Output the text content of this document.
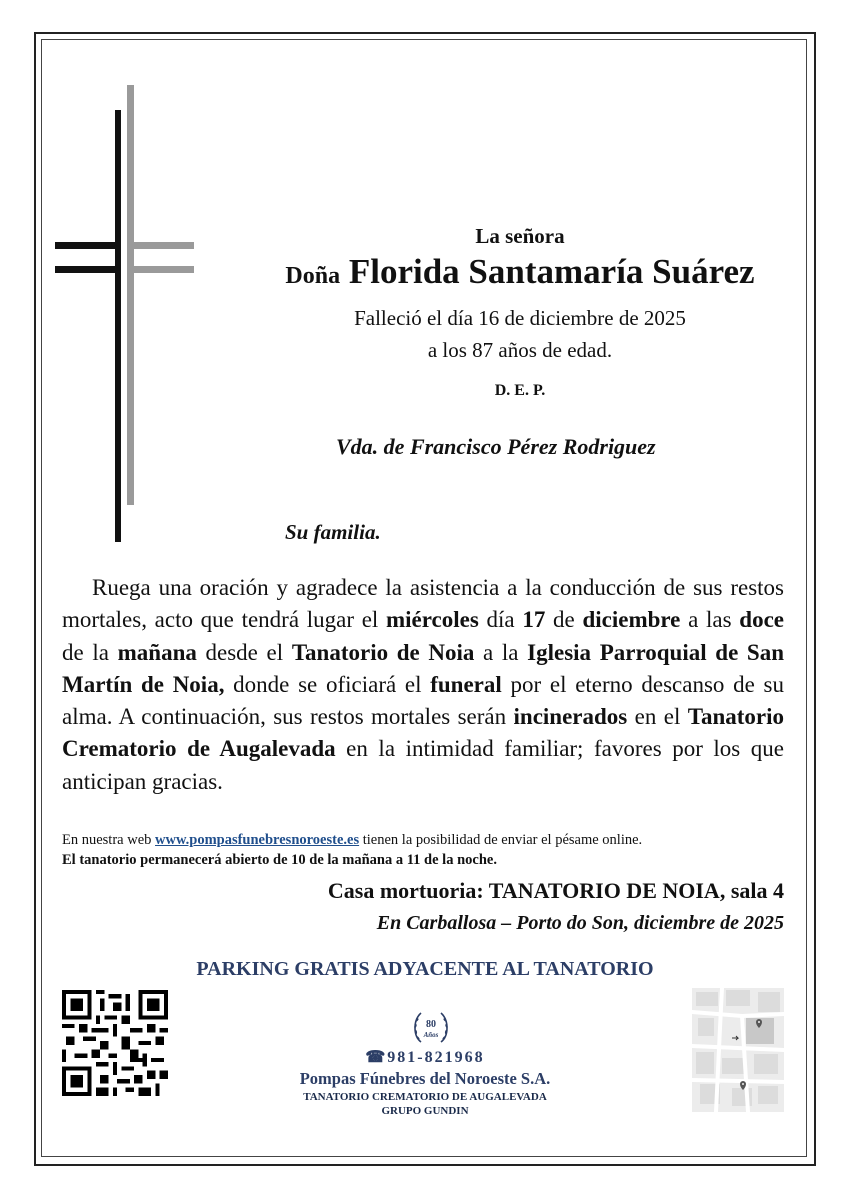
La señora
Doña Florida Santamaría Suárez
Falleció el día 16 de diciembre de 2025
a los 87 años de edad.
D. E. P.
Vda. de Francisco Pérez Rodriguez
Su familia.
Ruega una oración y agradece la asistencia a la conducción de sus restos mortales, acto que tendrá lugar el miércoles día 17 de diciembre a las doce de la mañana desde el Tanatorio de Noia a la Iglesia Parroquial de San Martín de Noia, donde se oficiará el funeral por el eterno descanso de su alma. A continuación, sus restos mortales serán incinerados en el Tanatorio Crematorio de Augalevada en la intimidad familiar; favores por los que anticipan gracias.
En nuestra web www.pompasfunebresnoroeste.es tienen la posibilidad de enviar el pésame online.
El tanatorio permanecerá abierto de 10 de la mañana a 11 de la noche.
Casa mortuoria: TANATORIO DE NOIA, sala 4
En Carballosa – Porto do Son, diciembre de 2025
PARKING GRATIS ADYACENTE AL TANATORIO
80
Años
☎981-821968
Pompas Fúnebres del Noroeste S.A.
TANATORIO CREMATORIO DE AUGALEVADA
GRUPO GUNDIN
